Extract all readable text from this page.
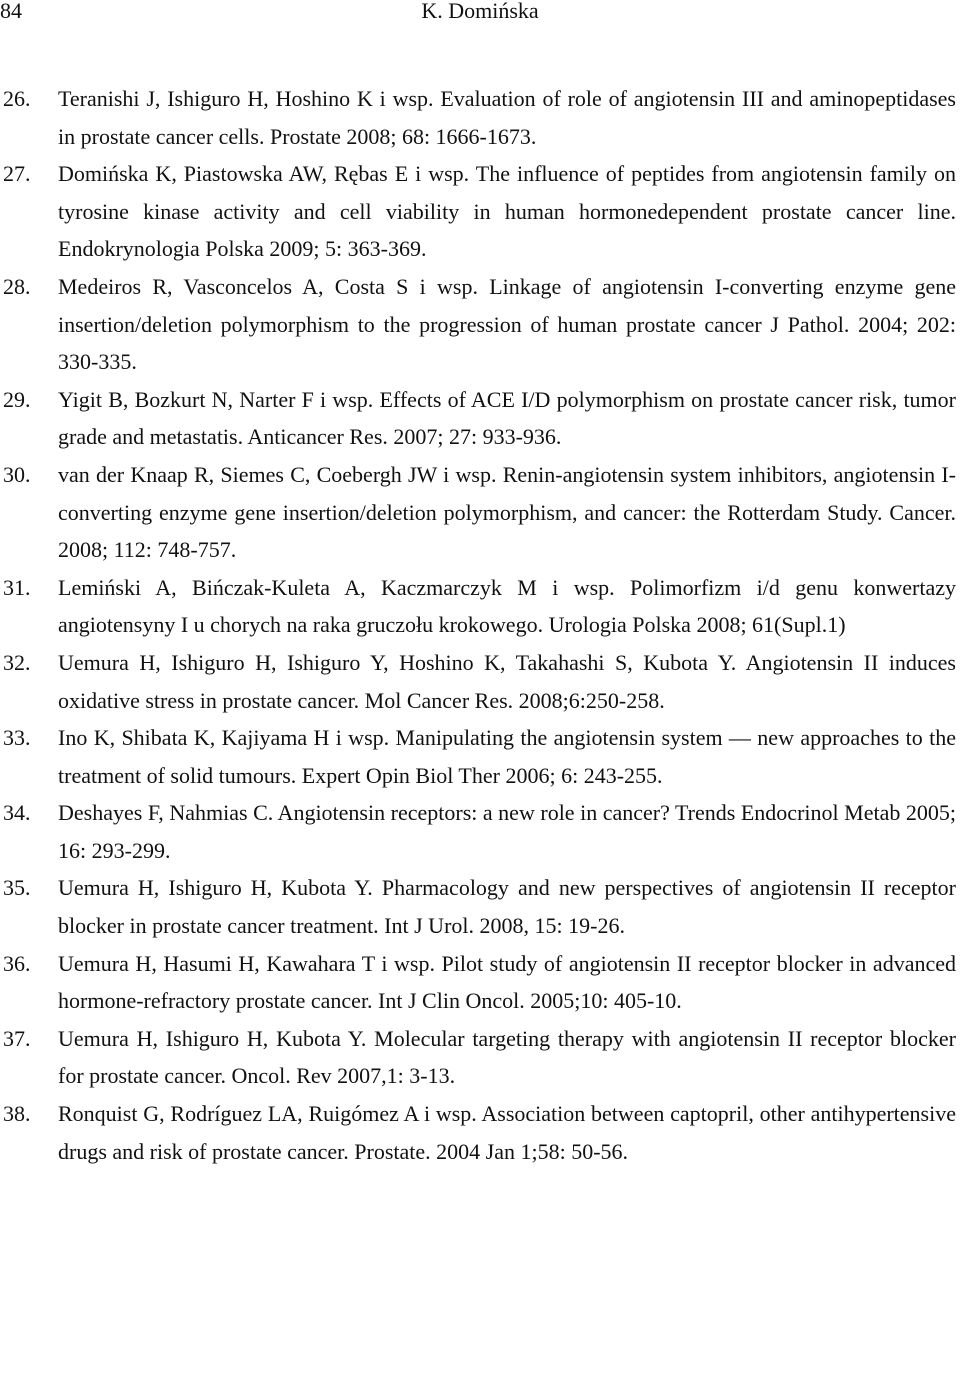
84	K. Domińska
26. Teranishi J, Ishiguro H, Hoshino K i wsp. Evaluation of role of angiotensin III and aminopeptidases in prostate cancer cells. Prostate 2008; 68: 1666-1673.
27. Domińska K, Piastowska AW, Rębas E i wsp. The influence of peptides from angiotensin family on tyrosine kinase activity and cell viability in human hormonedependent prostate cancer line. Endokrynologia Polska 2009; 5: 363-369.
28. Medeiros R, Vasconcelos A, Costa S i wsp. Linkage of angiotensin I-converting enzyme gene insertion/deletion polymorphism to the progression of human prostate cancer J Pathol. 2004; 202: 330-335.
29. Yigit B, Bozkurt N, Narter F i wsp. Effects of ACE I/D polymorphism on prostate cancer risk, tumor grade and metastatis. Anticancer Res. 2007; 27: 933-936.
30. van der Knaap R, Siemes C, Coebergh JW i wsp. Renin-angiotensin system inhibitors, angiotensin I-converting enzyme gene insertion/deletion polymorphism, and cancer: the Rotterdam Study. Cancer. 2008; 112: 748-757.
31. Lemiński A, Bińczak-Kuleta A, Kaczmarczyk M i wsp. Polimorfizm i/d genu konwertazy angiotensyny I u chorych na raka gruczołu krokowego. Urologia Polska 2008; 61(Supl.1)
32. Uemura H, Ishiguro H, Ishiguro Y, Hoshino K, Takahashi S, Kubota Y. Angiotensin II induces oxidative stress in prostate cancer. Mol Cancer Res. 2008;6:250-258.
33. Ino K, Shibata K, Kajiyama H i wsp. Manipulating the angiotensin system — new approaches to the treatment of solid tumours. Expert Opin Biol Ther 2006; 6: 243-255.
34. Deshayes F, Nahmias C. Angiotensin receptors: a new role in cancer? Trends Endocrinol Metab 2005; 16: 293-299.
35. Uemura H, Ishiguro H, Kubota Y. Pharmacology and new perspectives of angiotensin II receptor blocker in prostate cancer treatment. Int J Urol. 2008, 15: 19-26.
36. Uemura H, Hasumi H, Kawahara T i wsp. Pilot study of angiotensin II receptor blocker in advanced hormone-refractory prostate cancer. Int J Clin Oncol. 2005;10: 405-10.
37. Uemura H, Ishiguro H, Kubota Y. Molecular targeting therapy with angiotensin II receptor blocker for prostate cancer. Oncol. Rev 2007,1: 3-13.
38. Ronquist G, Rodríguez LA, Ruigómez A i wsp. Association between captopril, other antihypertensive drugs and risk of prostate cancer. Prostate. 2004 Jan 1;58: 50-56.
